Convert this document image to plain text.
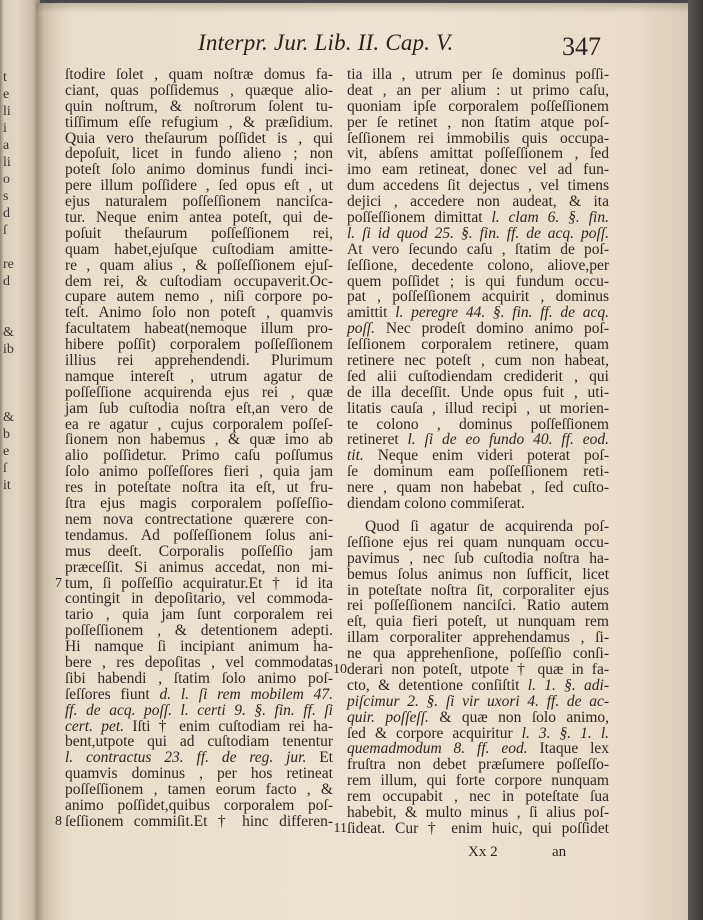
t
e
li
i
a
li
o
s
d
ſ
re
d
&
ib
&
b
e
ſ
it
Interpr. Jur. Lib. II. Cap. V.	347
ſtodire ſolet , quam noſtræ domus fa-
ciant, quas poſſidemus , quæque alio-
quin noſtrum, & noſtrorum ſolent tu-
tiſſimum eſſe refugium , & præſidium.
Quia vero theſaurum poſſidet is , qui
depoſuit, licet in fundo alieno ; non
poteſt ſolo animo dominus fundi inci-
pere illum poſſidere , ſed opus eſt , ut
ejus naturalem poſſeſſionem nanciſca-
tur. Neque enim antea poteſt, qui de-
poſuit theſaurum poſſeſſionem rei,
quam habet,ejuſque cuſtodiam amitte-
re , quam alius , & poſſeſſionem ejuſ-
dem rei, & cuſtodiam occupaverit.Oc-
cupare autem nemo , niſi corpore po-
teſt. Animo ſolo non poteſt , quamvis
facultatem habeat(nemoque illum pro-
hibere poſſit) corporalem poſſeſſionem
illius rei apprehendendi. Plurimum
namque intereſt , utrum agatur de
poſſeſſione acquirenda ejus rei , quæ
jam ſub cuſtodia noſtra eſt,an vero de
ea re agatur , cujus corporalem poſſeſ-
ſionem non habemus , & quæ imo ab
alio poſſidetur. Primo caſu poſſumus
ſolo animo poſſeſſores fieri , quia jam
res in poteſtate noſtra ita eſt, ut fru-
ſtra ejus magis corporalem poſſeſſio-
nem nova contrectatione quærere con-
tendamus. Ad poſſeſſionem ſolus ani-
mus deeſt. Corporalis poſſeſſio jam
præceſſit. Si animus accedat, non mi-
tum, ſi poſſeſſio acquiratur.Et † id ita
7
contingit in depoſitario, vel commoda-
tario , quia jam ſunt corporalem rei
poſſeſſionem , & detentionem adepti.
Hi namque ſi incipiant animum ha-
bere , res depoſitas , vel commodatas
ſibi habendi , ſtatim ſolo animo poſ-
ſeſſores fiunt d. l. ſi rem mobilem 47.
ff. de acq. poſſ. l. certi 9. §. fin. ff. ſi
cert. pet. Iſti † enim cuſtodiam rei ha-
bent,utpote qui ad cuſtodiam tenentur
l. contractus 23. ff. de reg. jur. Et
quamvis dominus , per hos retineat
poſſeſſionem , tamen eorum facto , &
animo poſſidet,quibus corporalem poſ-
ſeſſionem commiſit.Et † hinc differen-
8
tia illa , utrum per ſe dominus poſſi-
deat , an per alium : ut primo caſu,
quoniam ipſe corporalem poſſeſſionem
per ſe retinet , non ſtatim atque poſ-
ſeſſionem rei immobilis quis occupa-
vit, abſens amittat poſſeſſionem , ſed
imo eam retineat, donec vel ad fun-
dum accedens ſit dejectus , vel timens
dejici , accedere non audeat, & ita
poſſeſſionem dimittat l. clam 6. §. fin.
l. ſi id quod 25. §. fin. ff. de acq. poſſ.
At vero ſecundo caſu , ſtatim de poſ-
ſeſſione, decedente colono, aliove,per
quem poſſidet ; is qui fundum occu-
pat , poſſeſſionem acquirit , dominus
amittit l. peregre 44. §. fin. ff. de acq.
poſſ. Nec prodeſt domino animo poſ-
ſeſſionem corporalem retinere, quam
retinere nec poteſt , cum non habeat,
ſed alii cuſtodiendam crediderit , qui
de illa deceſſit. Unde opus fuit , uti-
litatis cauſa , illud recipi , ut morien-
te colono , dominus poſſeſſionem
retineret l. ſi de eo fundo 40. ff. eod.
tit. Neque enim videri poterat poſ-
ſe dominum eam poſſeſſionem reti-
nere , quam non habebat , ſed cuſto-
diendam colono commiſerat.
Quod ſi agatur de acquirenda poſ-
ſeſſione ejus rei quam nunquam occu-
pavimus , nec ſub cuſtodia noſtra ha-
bemus ſolus animus non ſufficit, licet
in poteſtate noſtra ſit, corporaliter ejus
rei poſſeſſionem nanciſci. Ratio autem
eſt, quia fieri poteſt, ut nunquam rem
illam corporaliter apprehendamus , ſi-
ne qua apprehenſione, poſſeſſio conſi-
derari non poteſt, utpote † quæ in fa-
10
cto, & detentione conſiſtit l. 1. §. adi-
piſcimur 2. §. ſi vir uxori 4. ff. de ac-
quir. poſſeſſ. & quæ non ſolo animo,
ſed & corpore acquiritur l. 3. §. 1. l.
quemadmodum 8. ff. eod. Itaque lex
fruſtra non debet præſumere poſſeſſo-
rem illum, qui forte corpore nunquam
rem occupabit , nec in poteſtate ſua
habebit, & multo minus , ſi alius poſ-
ſideat. Cur † enim huic, qui poſſidet
11
Xx 2	an
